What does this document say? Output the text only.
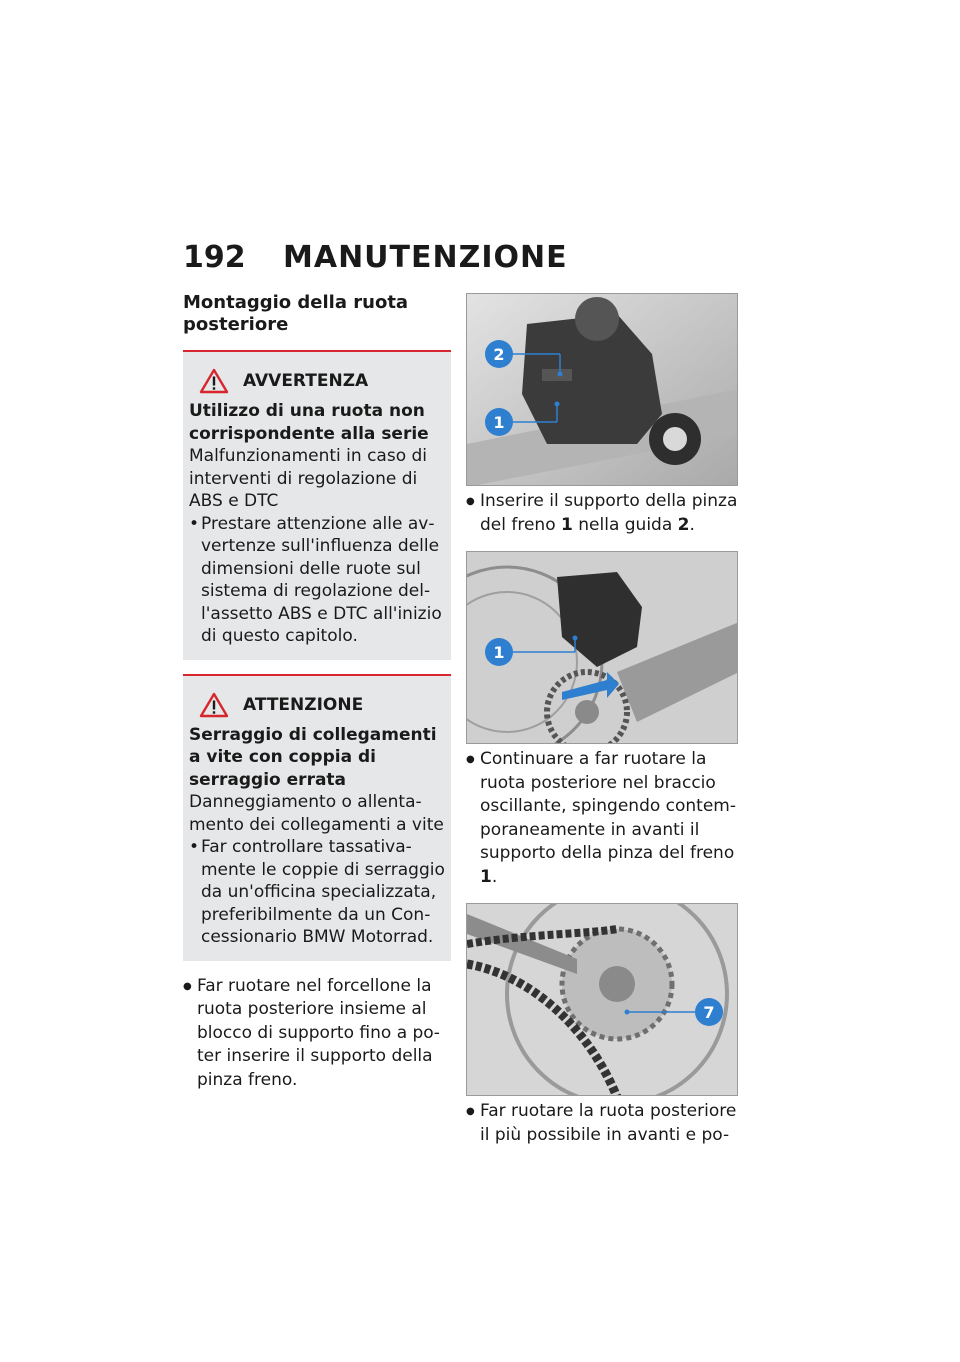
192	MANUTENZIONE
Montaggio della ruota posteriore
AVVERTENZA
Utilizzo di una ruota non corrispondente alla serie
Malfunzionamenti in caso di interventi di regolazione di ABS e DTC
• Prestare attenzione alle avvertenze sull'influenza delle dimensioni delle ruote sul sistema di regolazione dell'assetto ABS e DTC all'inizio di questo capitolo.
ATTENZIONE
Serraggio di collegamenti a vite con coppia di serraggio errata
Danneggiamento o allentamento dei collegamenti a vite
• Far controllare tassativamente le coppie di serraggio da un'officina specializzata, preferibilmente da un Concessionario BMW Motorrad.
● Far ruotare nel forcellone la ruota posteriore insieme al blocco di supporto fino a poter inserire il supporto della pinza freno.
2
1
● Inserire il supporto della pinza del freno 1 nella guida 2.
1
● Continuare a far ruotare la ruota posteriore nel braccio oscillante, spingendo contemporaneamente in avanti il supporto della pinza del freno 1.
7
● Far ruotare la ruota posteriore il più possibile in avanti e po-
